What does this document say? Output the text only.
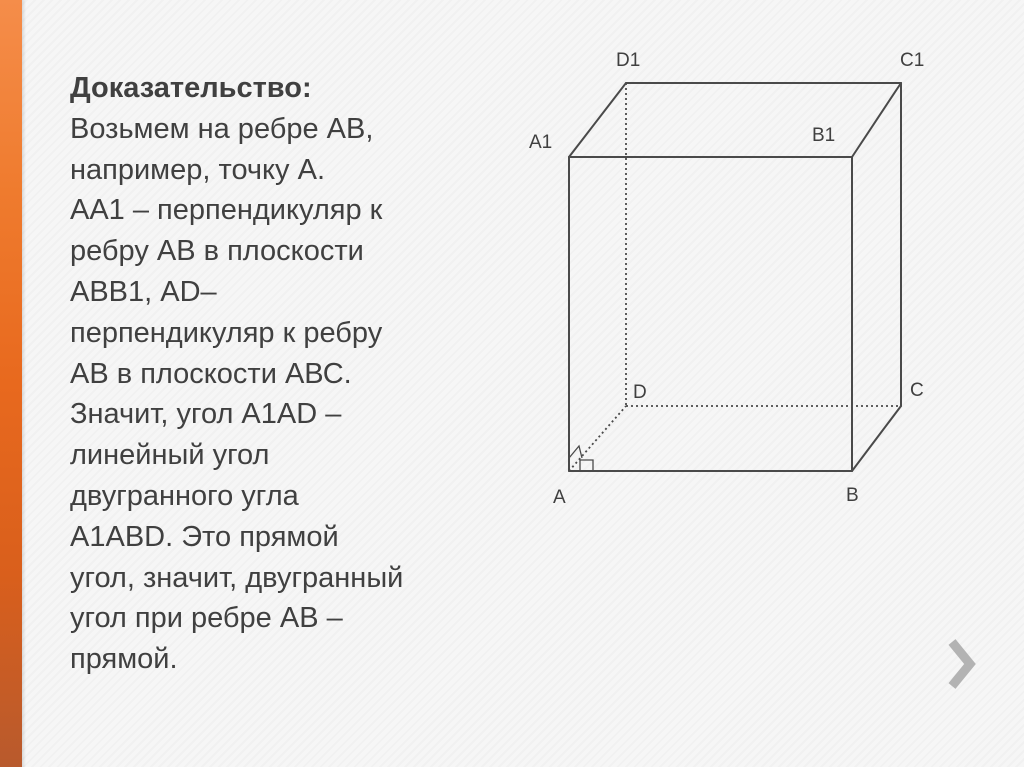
Доказательство:
Возьмем на ребре АВ,
например, точку А.
АА1 – перпендикуляр к
ребру АВ в плоскости
АВВ1, AD–
перпендикуляр к ребру
АВ в плоскости АВС.
Значит, угол A1AD –
линейный угол
двугранного угла
A1ABD. Это прямой
угол, значит, двугранный
угол при ребре АВ –
прямой.
D1	C1
A1	B1
D	C
A	B
